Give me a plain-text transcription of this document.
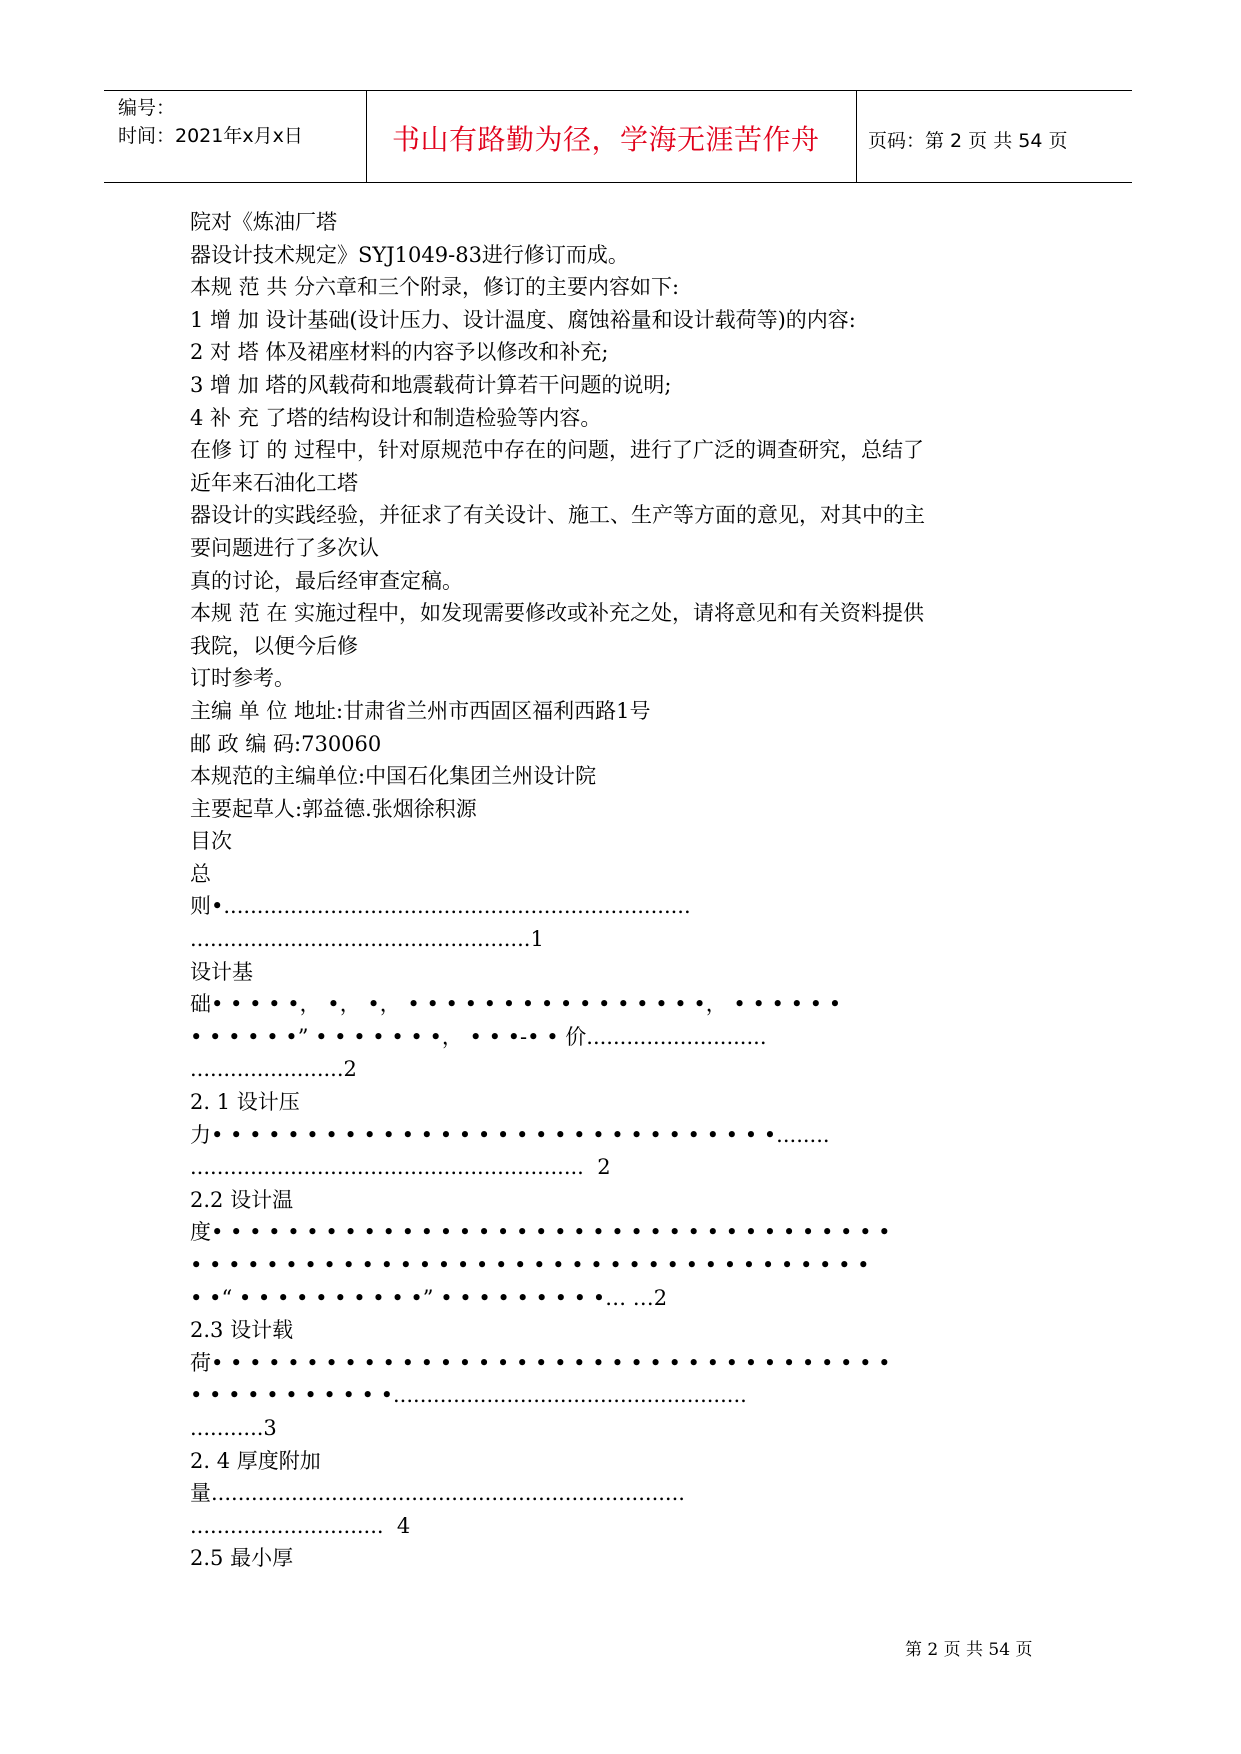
编号：
时间：2021年x月x日	书山有路勤为径，学海无涯苦作舟	页码：第 2 页 共 54 页
院对《炼油厂塔
器设计技术规定》SYJ1049-83进行修订而成。
本规 范 共 分六章和三个附录，修订的主要内容如下:
1 增 加 设计基础(设计压力、设计温度、腐蚀裕量和设计载荷等)的内容:
2 对 塔 体及裙座材料的内容予以修改和补充;
3 增 加 塔的风载荷和地震载荷计算若干问题的说明;
4 补 充 了塔的结构设计和制造检验等内容。
在修 订 的 过程中，针对原规范中存在的问题，进行了广泛的调查研究，总结了
近年来石油化工塔
器设计的实践经验，并征求了有关设计、施工、生产等方面的意见，对其中的主
要问题进行了多次认
真的讨论，最后经审查定稿。
本规 范 在 实施过程中，如发现需要修改或补充之处，请将意见和有关资料提供
我院，以便今后修
订时参考。
主编 单 位 地址:甘肃省兰州市西固区福利西路1号
邮 政 编 码:730060
本规范的主编单位:中国石化集团兰州设计院
主要起草人:郭益德.张烟徐积源
目次
总
则•......................................................................
...................................................1
设计基
础• • • • •， •， •， • • • • • • • • • • • • • • • •， • • • • • •
• • • • • •” • • • • • • •， • • •-• • 价...........................
.......................2
2. 1 设计压
力• • • • • • • • • • • • • • • • • • • • • • • • • • • • • •........
...........................................................  2
2.2 设计温
度• • • • • • • • • • • • • • • • • • • • • • • • • • • • • • • • • • • •
• • • • • • • • • • • • • • • • • • • • • • • • • • • • • • • • • • • •
• •“ • • • • • • • • • •” • • • • • • • • •… …2
2.3 设计载
荷• • • • • • • • • • • • • • • • • • • • • • • • • • • • • • • • • • • •
• • • • • • • • • • •.....................................................
...........3
2. 4 厚度附加
量.......................................................................
.............................  4
2.5 最小厚
第 2 页 共 54 页
